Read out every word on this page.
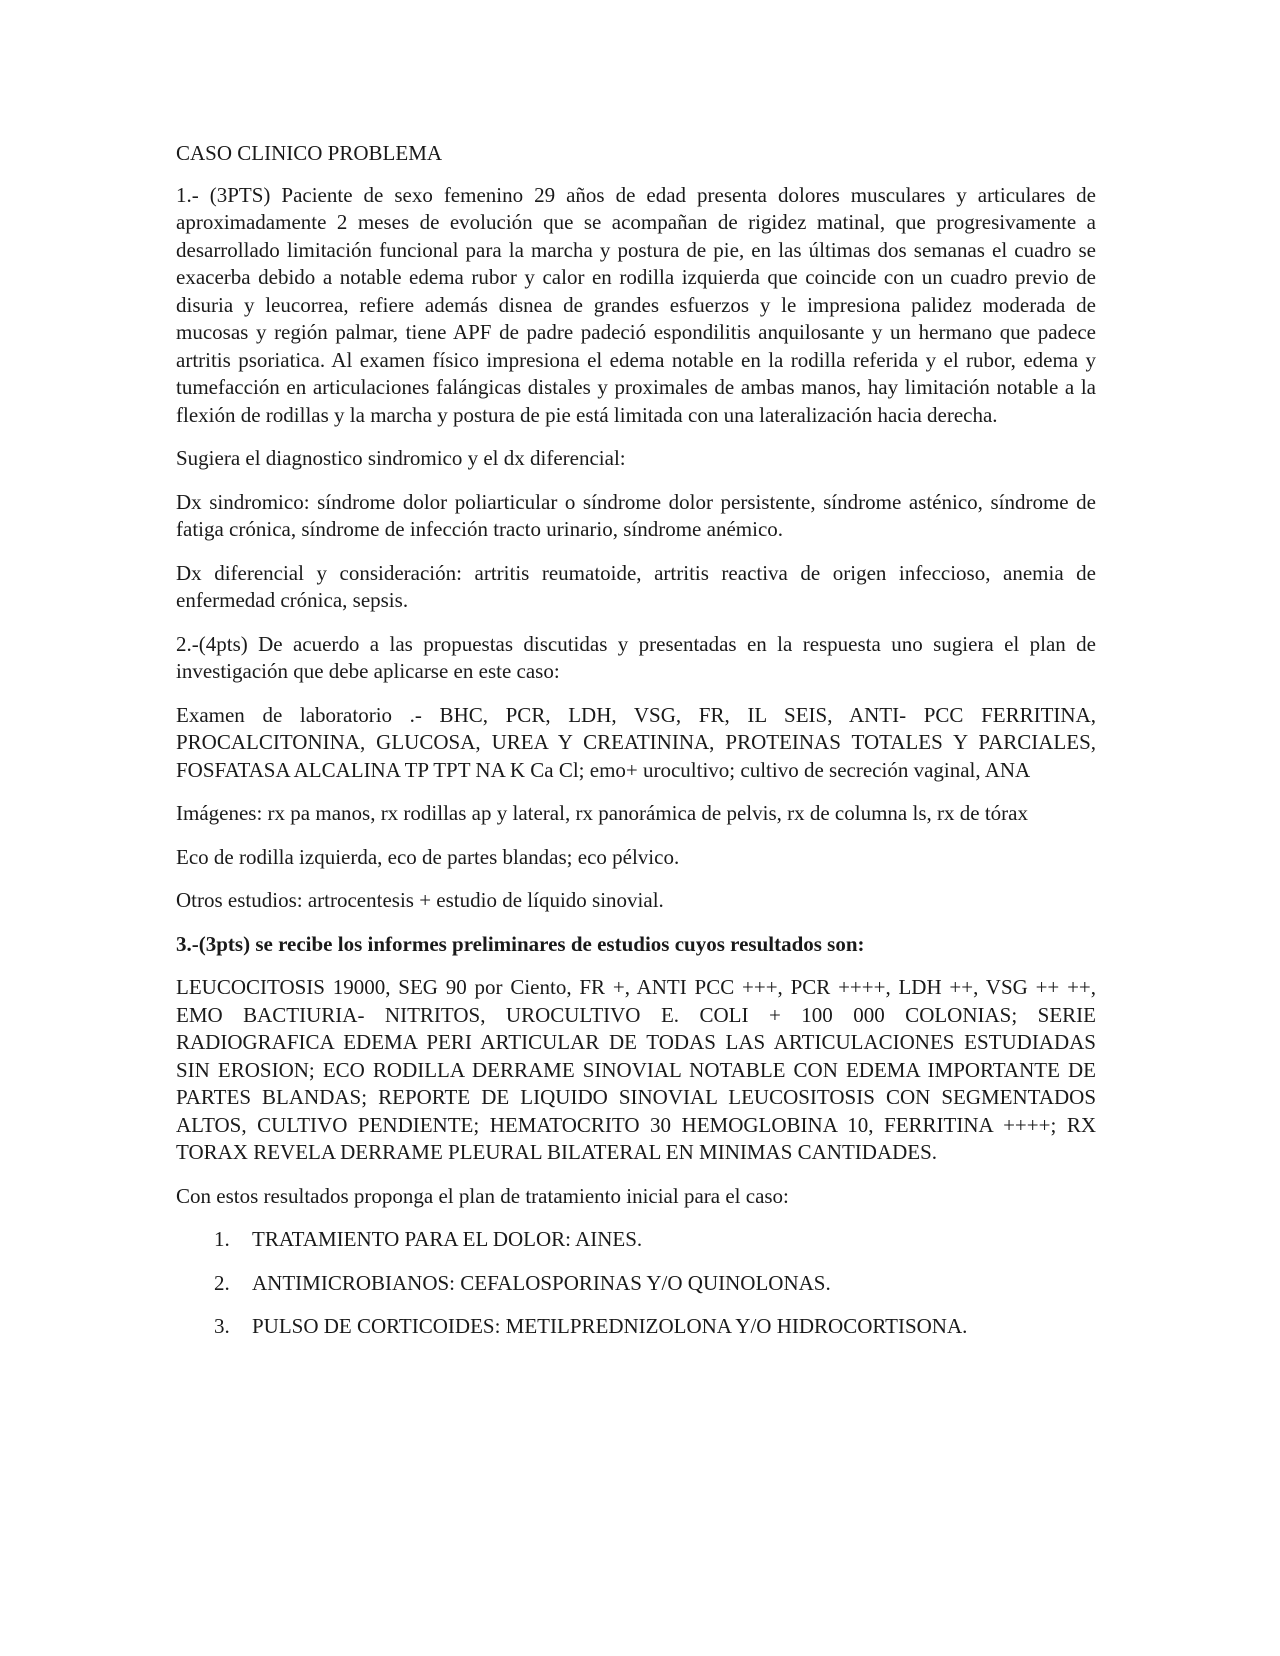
CASO CLINICO PROBLEMA

1.- (3PTS) Paciente de sexo femenino 29 años de edad presenta dolores musculares y articulares de aproximadamente 2 meses de evolución que se acompañan de rigidez matinal, que progresivamente a desarrollado limitación funcional para la marcha y postura de pie, en las últimas dos semanas el cuadro se exacerba debido a notable edema rubor y calor en rodilla izquierda que coincide con un cuadro previo de disuria y leucorrea, refiere además disnea de grandes esfuerzos y le impresiona palidez moderada de mucosas y región palmar, tiene APF de padre padeció espondilitis anquilosante y un hermano que padece artritis psoriatica. Al examen físico impresiona el edema notable en la rodilla referida y el rubor, edema y tumefacción en articulaciones falángicas distales y proximales de ambas manos, hay limitación notable a la flexión de rodillas y la marcha y postura de pie está limitada con una lateralización hacia derecha.

Sugiera el diagnostico sindromico y el dx diferencial:

Dx sindromico: síndrome dolor poliarticular o síndrome dolor persistente, síndrome asténico, síndrome de fatiga crónica, síndrome de infección tracto urinario, síndrome anémico.

Dx diferencial y consideración: artritis reumatoide, artritis reactiva de origen infeccioso, anemia de enfermedad crónica, sepsis.

2.-(4pts) De acuerdo a las propuestas discutidas y presentadas en la respuesta uno sugiera el plan de investigación que debe aplicarse en este caso:

Examen de laboratorio .- BHC, PCR, LDH, VSG, FR, IL SEIS, ANTI- PCC FERRITINA, PROCALCITONINA, GLUCOSA, UREA Y CREATININA, PROTEINAS TOTALES Y PARCIALES, FOSFATASA ALCALINA TP TPT NA K Ca Cl; emo+ urocultivo; cultivo de secreción vaginal, ANA

Imágenes: rx pa manos, rx rodillas ap y lateral, rx panorámica de pelvis, rx de columna ls, rx de tórax

Eco de rodilla izquierda, eco de partes blandas; eco pélvico.

Otros estudios: artrocentesis + estudio de líquido sinovial.

3.-(3pts) se recibe los informes preliminares de estudios cuyos resultados son:

LEUCOCITOSIS 19000, SEG 90 por Ciento, FR +, ANTI PCC +++, PCR ++++, LDH ++, VSG ++ ++, EMO BACTIURIA- NITRITOS, UROCULTIVO E. COLI + 100 000 COLONIAS; SERIE RADIOGRAFICA EDEMA PERI ARTICULAR DE TODAS LAS ARTICULACIONES ESTUDIADAS SIN EROSION; ECO RODILLA DERRAME SINOVIAL NOTABLE CON EDEMA IMPORTANTE DE PARTES BLANDAS; REPORTE DE LIQUIDO SINOVIAL LEUCOSITOSIS CON SEGMENTADOS ALTOS, CULTIVO PENDIENTE; HEMATOCRITO 30 HEMOGLOBINA 10, FERRITINA ++++; RX TORAX REVELA DERRAME PLEURAL BILATERAL EN MINIMAS CANTIDADES.

Con estos resultados proponga el plan de tratamiento inicial para el caso:

1.	TRATAMIENTO PARA EL DOLOR: AINES.
2.	ANTIMICROBIANOS: CEFALOSPORINAS Y/O QUINOLONAS.
3.	PULSO DE CORTICOIDES: METILPREDNIZOLONA Y/O HIDROCORTISONA.
